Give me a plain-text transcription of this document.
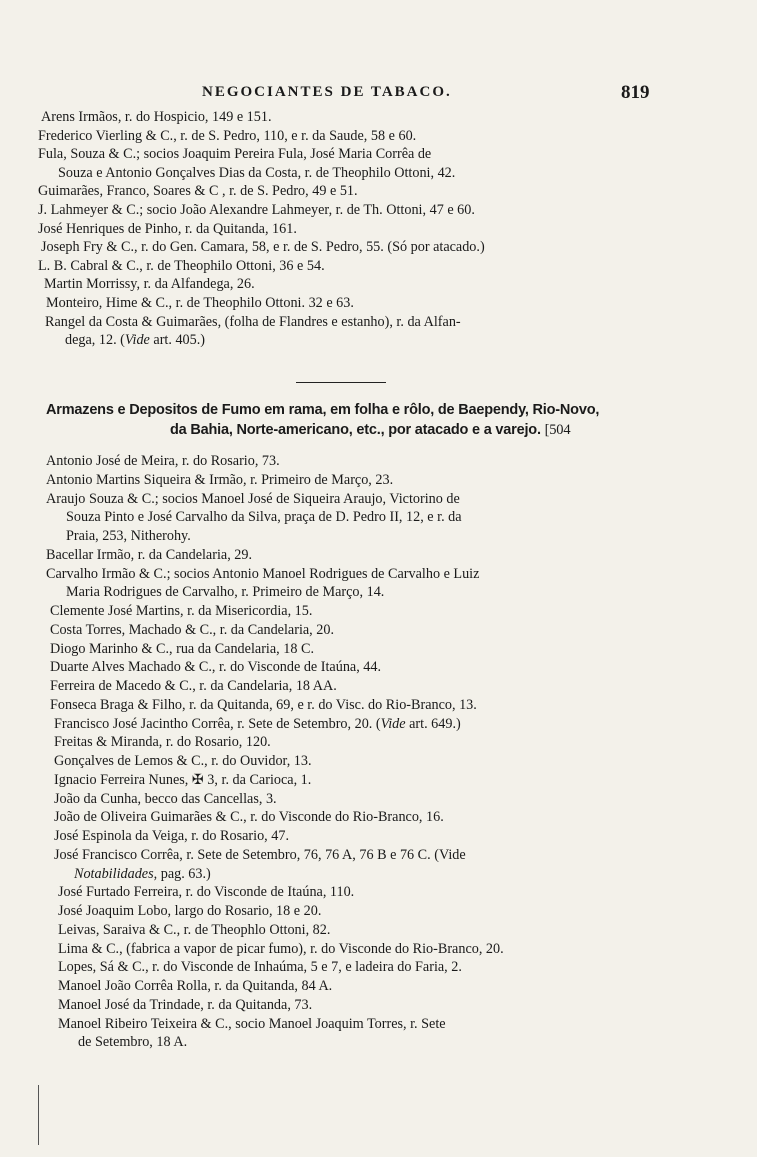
NEGOCIANTES DE TABACO.	819
Arens Irmãos, r. do Hospicio, 149 e 151.
Frederico Vierling & C., r. de S. Pedro, 110, e r. da Saude, 58 e 60.
Fula, Souza & C.; socios Joaquim Pereira Fula, José Maria Corrêa de
Souza e Antonio Gonçalves Dias da Costa, r. de Theophilo Ottoni, 42.
Guimarães, Franco, Soares & C , r. de S. Pedro, 49 e 51.
J. Lahmeyer & C.; socio João Alexandre Lahmeyer, r. de Th. Ottoni, 47 e 60.
José Henriques de Pinho, r. da Quitanda, 161.
Joseph Fry & C., r. do Gen. Camara, 58, e r. de S. Pedro, 55. (Só por atacado.)
L. B. Cabral & C., r. de Theophilo Ottoni, 36 e 54.
Martin Morrissy, r. da Alfandega, 26.
Monteiro, Hime & C., r. de Theophilo Ottoni. 32 e 63.
Rangel da Costa & Guimarães, (folha de Flandres e estanho), r. da Alfan-
dega, 12. (Vide art. 405.)
Armazens e Depositos de Fumo em rama, em folha e rôlo, de Baependy, Rio-Novo,
da Bahia, Norte-americano, etc., por atacado e a varejo. [504
Antonio José de Meira, r. do Rosario, 73.
Antonio Martins Siqueira & Irmão, r. Primeiro de Março, 23.
Araujo Souza & C.; socios Manoel José de Siqueira Araujo, Victorino de
Souza Pinto e José Carvalho da Silva, praça de D. Pedro II, 12, e r. da
Praia, 253, Nitherohy.
Bacellar Irmão, r. da Candelaria, 29.
Carvalho Irmão & C.; socios Antonio Manoel Rodrigues de Carvalho e Luiz
Maria Rodrigues de Carvalho, r. Primeiro de Março, 14.
Clemente José Martins, r. da Misericordia, 15.
Costa Torres, Machado & C., r. da Candelaria, 20.
Diogo Marinho & C., rua da Candelaria, 18 C.
Duarte Alves Machado & C., r. do Visconde de Itaúna, 44.
Ferreira de Macedo & C., r. da Candelaria, 18 AA.
Fonseca Braga & Filho, r. da Quitanda, 69, e r. do Visc. do Rio-Branco, 13.
Francisco José Jacintho Corrêa, r. Sete de Setembro, 20. (Vide art. 649.)
Freitas & Miranda, r. do Rosario, 120.
Gonçalves de Lemos & C., r. do Ouvidor, 13.
Ignacio Ferreira Nunes, ✠ 3, r. da Carioca, 1.
João da Cunha, becco das Cancellas, 3.
João de Oliveira Guimarães & C., r. do Visconde do Rio-Branco, 16.
José Espinola da Veiga, r. do Rosario, 47.
José Francisco Corrêa, r. Sete de Setembro, 76, 76 A, 76 B e 76 C. (Vide
Notabilidades, pag. 63.)
José Furtado Ferreira, r. do Visconde de Itaúna, 110.
José Joaquim Lobo, largo do Rosario, 18 e 20.
Leivas, Saraiva & C., r. de Theophlo Ottoni, 82.
Lima & C., (fabrica a vapor de picar fumo), r. do Visconde do Rio-Branco, 20.
Lopes, Sá & C., r. do Visconde de Inhaúma, 5 e 7, e ladeira do Faria, 2.
Manoel João Corrêa Rolla, r. da Quitanda, 84 A.
Manoel José da Trindade, r. da Quitanda, 73.
Manoel Ribeiro Teixeira & C., socio Manoel Joaquim Torres, r. Sete
de Setembro, 18 A.
